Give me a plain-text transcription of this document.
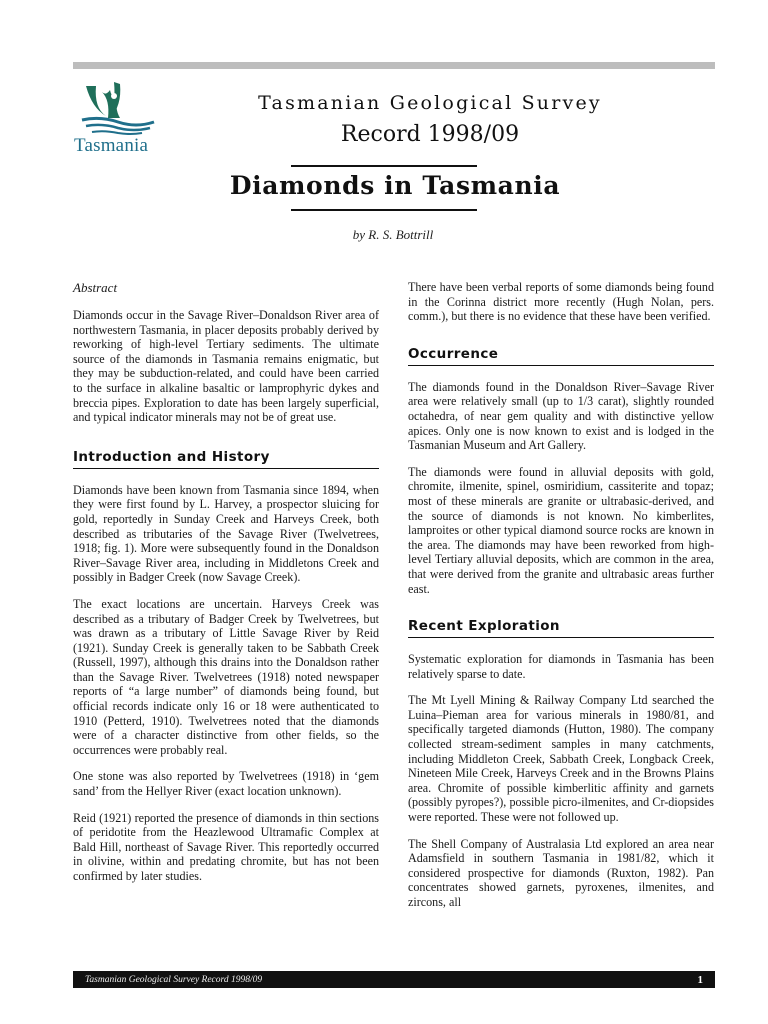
Tasmania
Tasmanian Geological Survey
Record 1998/09
Diamonds in Tasmania
by R. S. Bottrill
Abstract

Diamonds occur in the Savage River–Donaldson River area of northwestern Tasmania, in placer deposits probably derived by reworking of high-level Tertiary sediments. The ultimate source of the diamonds in Tasmania remains enigmatic, but they may be subduction-related, and could have been carried to the surface in alkaline basaltic or lamprophyric dykes and breccia pipes. Exploration to date has been largely superficial, and typical indicator minerals may not be of great use.

Introduction and History

Diamonds have been known from Tasmania since 1894, when they were first found by L. Harvey, a prospector sluicing for gold, reportedly in Sunday Creek and Harveys Creek, both described as tributaries of the Savage River (Twelvetrees, 1918; fig. 1). More were subsequently found in the Donaldson River–Savage River area, including in Middletons Creek and possibly in Badger Creek (now Savage Creek).

The exact locations are uncertain. Harveys Creek was described as a tributary of Badger Creek by Twelvetrees, but was drawn as a tributary of Little Savage River by Reid (1921). Sunday Creek is generally taken to be Sabbath Creek (Russell, 1997), although this drains into the Donaldson rather than the Savage River. Twelvetrees (1918) noted newspaper reports of “a large number” of diamonds being found, but official records indicate only 16 or 18 were authenticated to 1910 (Petterd, 1910). Twelvetrees noted that the diamonds were of a character distinctive from other fields, so the occurrences were probably real.

One stone was also reported by Twelvetrees (1918) in ‘gem sand’ from the Hellyer River (exact location unknown).

Reid (1921) reported the presence of diamonds in thin sections of peridotite from the Heazlewood Ultramafic Complex at Bald Hill, northeast of Savage River. This reportedly occurred in olivine, within and predating chromite, but has not been confirmed by later studies.

There have been verbal reports of some diamonds being found in the Corinna district more recently (Hugh Nolan, pers. comm.), but there is no evidence that these have been verified.

Occurrence

The diamonds found in the Donaldson River–Savage River area were relatively small (up to 1/3 carat), slightly rounded octahedra, of near gem quality and with distinctive yellow apices. Only one is now known to exist and is lodged in the Tasmanian Museum and Art Gallery.

The diamonds were found in alluvial deposits with gold, chromite, ilmenite, spinel, osmiridium, cassiterite and topaz; most of these minerals are granite or ultrabasic-derived, and the source of diamonds is not known. No kimberlites, lamproites or other typical diamond source rocks are known in the area. The diamonds may have been reworked from high-level Tertiary alluvial deposits, which are common in the area, that were derived from the granite and ultrabasic areas further east.

Recent Exploration

Systematic exploration for diamonds in Tasmania has been relatively sparse to date.

The Mt Lyell Mining & Railway Company Ltd searched the Luina–Pieman area for various minerals in 1980/81, and specifically targeted diamonds (Hutton, 1980). The company collected stream-sediment samples in many catchments, including Middleton Creek, Sabbath Creek, Longback Creek, Nineteen Mile Creek, Harveys Creek and in the Browns Plains area. Chromite of possible kimberlitic affinity and garnets (possibly pyropes?), possible picro-ilmenites, and Cr-diopsides were reported. These were not followed up.

The Shell Company of Australasia Ltd explored an area near Adamsfield in southern Tasmania in 1981/82, which it considered prospective for diamonds (Ruxton, 1982). Pan concentrates showed garnets, pyroxenes, ilmenites, and zircons, all

Tasmanian Geological Survey Record 1998/09	1
